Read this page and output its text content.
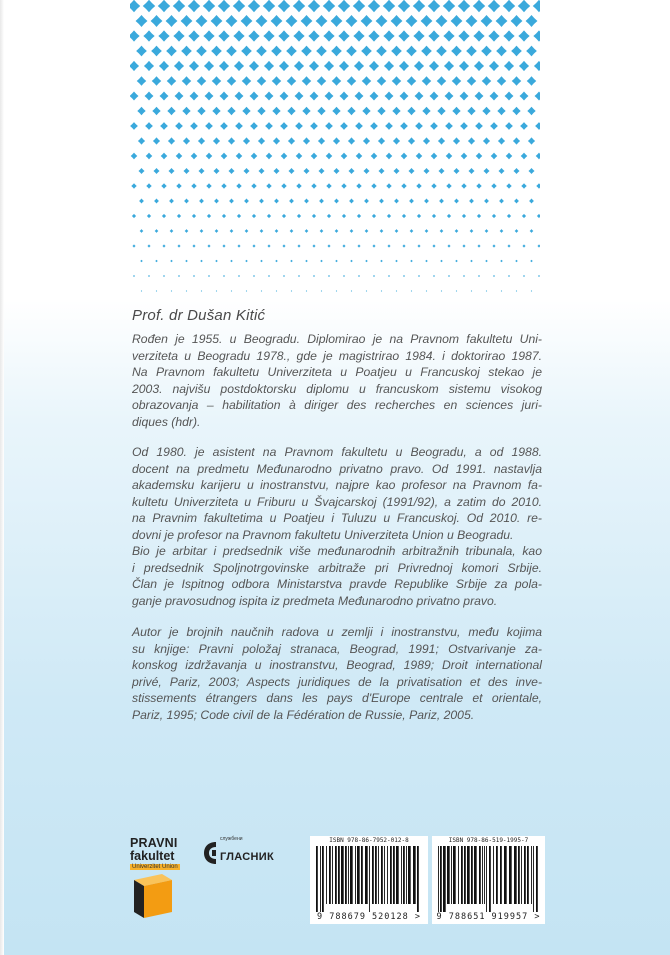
Prof. dr Dušan Kitić
Rođen je 1955. u Beogradu. Diplomirao je na Pravnom fakultetu Uni-
verziteta u Beogradu 1978., gde je magistrirao 1984. i doktorirao 1987.
Na Pravnom fakultetu Univerziteta u Poatjeu u Francuskoj stekao je
2003. najvišu postdoktorsku diplomu u francuskom sistemu visokog
obrazovanja – habilitation à diriger des recherches en sciences juri-
diques (hdr).
Od 1980. je asistent na Pravnom fakultetu u Beogradu, a od 1988.
docent na predmetu Međunarodno privatno pravo. Od 1991. nastavlja
akademsku karijeru u inostranstvu, najpre kao profesor na Pravnom fa-
kultetu Univerziteta u Friburu u Švajcarskoj (1991/92), a zatim do 2010.
na Pravnim fakultetima u Poatjeu i Tuluzu u Francuskoj. Od 2010. re-
dovni je profesor na Pravnom fakultetu Univerziteta Union u Beogradu.
Bio je arbitar i predsednik više međunarodnih arbitražnih tribunala, kao
i predsednik Spoljnotrgovinske arbitraže pri Privrednoj komori Srbije.
Član je Ispitnog odbora Ministarstva pravde Republike Srbije za pola-
ganje pravosudnog ispita iz predmeta Međunarodno privatno pravo.
Autor je brojnih naučnih radova u zemlji i inostranstvu, među kojima
su knjige: Pravni položaj stranaca, Beograd, 1991; Ostvarivanje za-
konskog izdržavanja u inostranstvu, Beograd, 1989; Droit international
privé, Pariz, 2003; Aspects juridiques de la privatisation et des inve-
stissements étrangers dans les pays d'Europe centrale et orientale,
Pariz, 1995; Code civil de la Fédération de Russie, Pariz, 2005.
PRAVNI
fakultet
Univerzitet Union
службени
ГЛАСНИК
ISBN 978-86-7952-012-8
9 788679 520128 >
ISBN 978-86-519-1995-7
9 788651 919957 >
